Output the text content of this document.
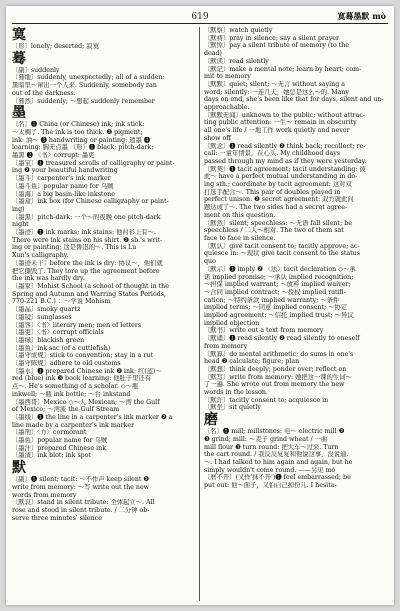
619	寞蓦墨默 mò
寞
〔形〕lonely; deserted; 寂寞
蓦
〔副〕suddenly
〔蓦地〕suddenly, unexpectedly; all of a sudden:
黑暗里～窜出一个人来. Suddenly, somebody ran
out of the darkness.
〔蓦然〕suddenly; ～想起 suddenly remember
墨
〔名〕❶ China (or Chinese) ink; ink stick:
～太稠了. The ink is too thick. ❷ pigment;
ink: 油～ ❸ handwriting or painting: 遗墨 ❹
learning: 胸无点墨 〔形〕❶ black; pitch-dark;
墨黑 ❷ 〈书〉corrupt: 墨吏
〔墨宝〕❶ treasured scrolls of calligraphy or paint-
ing ❷ your beautiful handwriting
〔墨斗〕carpenter's ink marker
〔墨斗鱼〕popular name for 乌贼
〔墨海〕a big basin-like inkstone
〔墨盒〕ink box (for Chinese calligraphy or paint-
ing)
〔墨黑〕pitch-dark: 一个～的夜晚 one pitch-dark
night
〔墨迹〕❶ ink marks; ink stains: 他衬衫上有～.
There were ink stains on his shirt. ❷ sb.'s writ-
ing or painting; 这是鲁迅的～. This is Lu
Xun's calligraphy.
〔墨迹未干〕before the ink is dry: 协议～，他们就
把它撕毁了. They tore up the agreement before
the ink was hardly dry.
〔墨家〕Mohist School (a school of thought in the
Spring and Autumn and Warring States Periods,
770-221 B.C.) ：～学说 Mohism
〔墨晶〕smoky quartz
〔墨镜〕sunglasses
〔墨客〕〈书〉literary men; men of letters
〔墨吏〕〈书〉corrupt officials
〔墨绿〕blackish green
〔墨鱼〕ink sac (of a cuttlefish)
〔墨守成规〕stick to convention; stay in a rut
〔墨守陈规〕adhere to old customs
〔墨水〕❶ prepared Chinese ink ❷ ink: 红(蓝)～
red (blue) ink ❸ book learning: 他肚子里还有
点～. He's something of a scholar. ◇～瓶
inkwell; ～瓶 ink bottle; ～台 inkstand
〔墨西哥〕Mexico ◇～人 Mexican; ～湾 the Gulf
of Mexico; ～湾流 the Gulf Stream
〔墨线〕❶ the line in a carpenter's ink marker ❷ a
line made by a carpenter's ink marker
〔墨刑〕〈方〉cormorant
〔墨鱼〕popular name for 乌贼
〔墨汁〕prepared Chinese ink
〔墨渍〕ink blot; ink spot
默
〔副〕❶ silent; tacit: ～不作声 keep silent ❷
write from memory: ～写 write out the new
words from memory
〔默哀〕stand in silent tribute: 全体起立～. All
rose and stood in silent tribute. / 二分钟 ob-
serve three minutes' silence
〔默察〕watch quietly
〔默祷〕pray in silence; say a silent prayer
〔默悼〕pay a silent tribute of memory (to the
dead)
〔默读〕read silently
〔默记〕make a mental note; learn by heart; com-
mit to memory
〔默默〕quiet; silent; ～无言 without saying a
word; silently: 一连几天，她总是这么～的. Many
days on end, she's been like that for days, silent and un-
approachable.
〔默默无闻〕unknown to the public; without attrac-
ting public attention: 一生～ remain in obscurity
all one's life / 一地工作 work quietly and never
show off
〔默念〕❶ read silently ❷ think back; recollect; re-
call: 一童年情景，在心头. My childhood days
passed through my mind as if they were yesterday.
〔默契〕❶ tacit agreement; tacit understanding: 彼
此～ have a perfect mutual understanding in do-
ing sth.; coordinate by tacit agreement: 这对双
打选手配合～. This pair of doubles played in
perfect unison. ❷ secret agreement: 双方就此问
题达成了～. The two sides had a secret agree-
ment on this question.
〔默然〕silent; speechless: ～无语 fall silent; be
speechless / 二人～相对. The two of them sat
face to face in silence.
〔默认〕give tacit consent to; tacitly approve; ac-
quiesce in: ～现状 give tacit consent to the status
quo
〔默示〕❶ imply ❷ 〈法〉tacit declaration ◇～承
诺 implied promise; ～承认 implied recognition;
～担保 implied warrant; ～放弃 implied waiver;
～合同 implied contract; ～授权 implied ratifi-
cation; ～特约条款 implied warranty; ～条件
implied terms; ～同意 implied consent; ～协定
implied agreement; ～信托 implied trust; ～异议
implied objection
〔默书〕write out a text from memory
〔默诵〕❶ read silently ❷ read silently to oneself
from memory
〔默算〕do mental arithmetic; do sums in one's
head ❷ calculate; figure; plan
〔默想〕think deeply; ponder over; reflect on
〔默写〕write from memory: 她把这一课的生词～
了一遍. She wrote out from memory the new
words in the lesson.
〔默许〕tacitly consent to; acquiesce in
〔默坐〕sit quietly
磨
〔名〕❶ mill; millstones: 电～ electric mill ❷
❸ grind; mill: ～麦子 grind wheat / 一曲
mill flour ❸ turn round: 把大车～过来. Turn
the cart round. / 我反反复复和他说这事，没说通.
～. I had talked to him again and again, but he
simply wouldn't come round. ——另见 mó
〔磨不开〕(又作'抹不开')❶ feel embarrassed; be
put out: 他～面子，又怕自己掉份儿. I hesita-
